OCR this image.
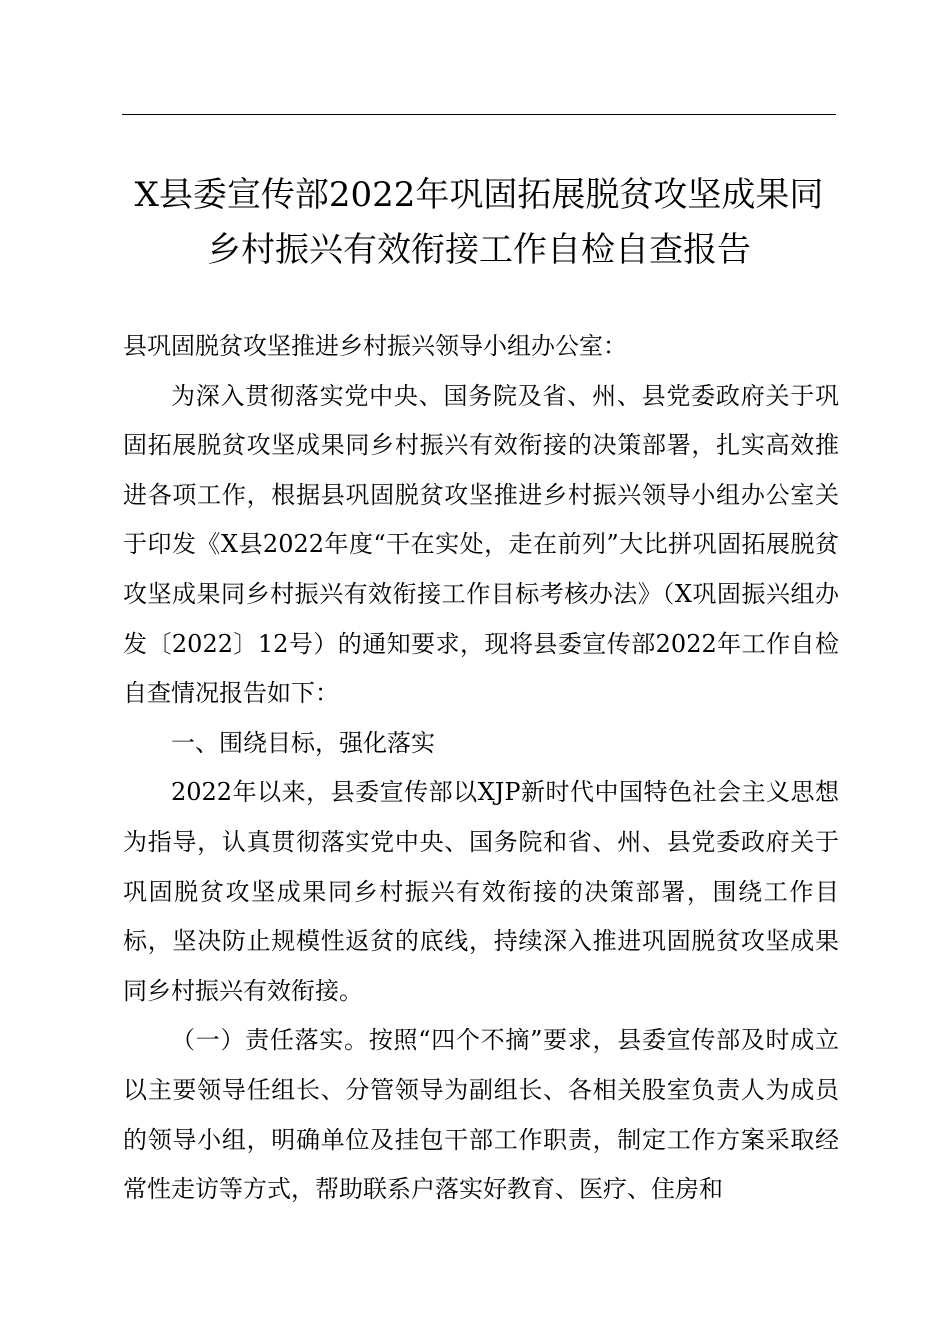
X县委宣传部2022年巩固拓展脱贫攻坚成果同
乡村振兴有效衔接工作自检自查报告

县巩固脱贫攻坚推进乡村振兴领导小组办公室：

为深入贯彻落实党中央、国务院及省、州、县党委政府关于巩固拓展脱贫攻坚成果同乡村振兴有效衔接的决策部署，扎实高效推进各项工作，根据县巩固脱贫攻坚推进乡村振兴领导小组办公室关于印发《X县2022年度“干在实处，走在前列”大比拼巩固拓展脱贫攻坚成果同乡村振兴有效衔接工作目标考核办法》（X巩固振兴组办发〔2022〕12号）的通知要求，现将县委宣传部2022年工作自检自查情况报告如下：

一、围绕目标，强化落实

2022年以来，县委宣传部以XJP新时代中国特色社会主义思想为指导，认真贯彻落实党中央、国务院和省、州、县党委政府关于巩固脱贫攻坚成果同乡村振兴有效衔接的决策部署，围绕工作目标，坚决防止规模性返贫的底线，持续深入推进巩固脱贫攻坚成果同乡村振兴有效衔接。

（一）责任落实。按照“四个不摘”要求，县委宣传部及时成立以主要领导任组长、分管领导为副组长、各相关股室负责人为成员的领导小组，明确单位及挂包干部工作职责，制定工作方案采取经常性走访等方式，帮助联系户落实好教育、医疗、住房和
